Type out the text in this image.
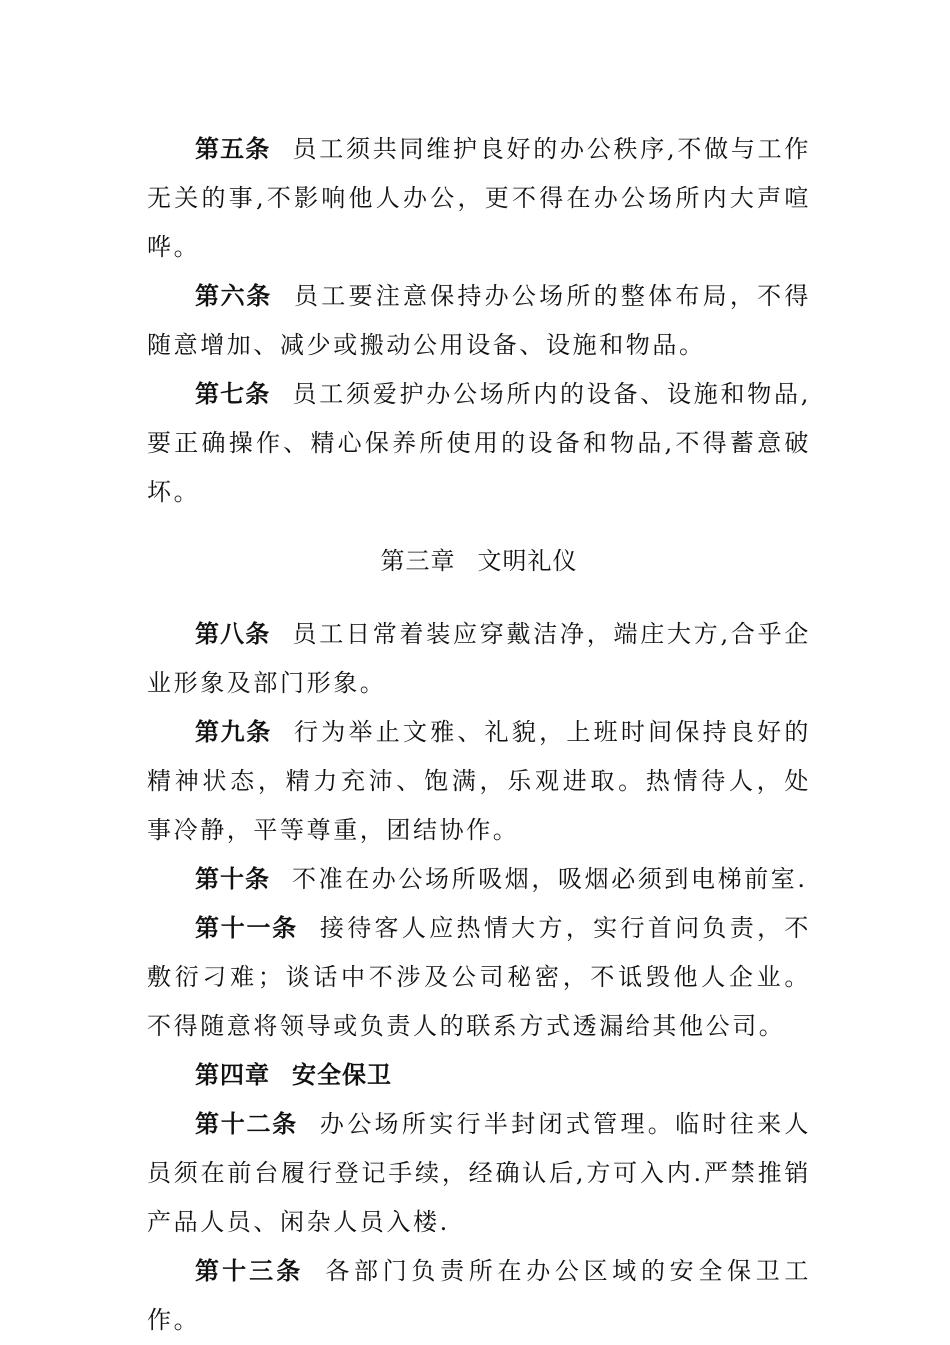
第五条 员工须共同维护良好的办公秩序,不做与工作无关的事,不影响他人办公，更不得在办公场所内大声喧哗。

第六条 员工要注意保持办公场所的整体布局，不得随意增加、减少或搬动公用设备、设施和物品。

第七条 员工须爱护办公场所内的设备、设施和物品,要正确操作、精心保养所使用的设备和物品,不得蓄意破坏。

第三章 文明礼仪

第八条 员工日常着装应穿戴洁净，端庄大方,合乎企业形象及部门形象。

第九条 行为举止文雅、礼貌，上班时间保持良好的精神状态，精力充沛、饱满，乐观进取。热情待人，处事冷静，平等尊重，团结协作。

第十条 不准在办公场所吸烟，吸烟必须到电梯前室.

第十一条 接待客人应热情大方，实行首问负责，不敷衍刁难；谈话中不涉及公司秘密，不诋毁他人企业。不得随意将领导或负责人的联系方式透漏给其他公司。

第四章 安全保卫

第十二条 办公场所实行半封闭式管理。临时往来人员须在前台履行登记手续，经确认后,方可入内.严禁推销产品人员、闲杂人员入楼.

第十三条 各部门负责所在办公区域的安全保卫工作。
